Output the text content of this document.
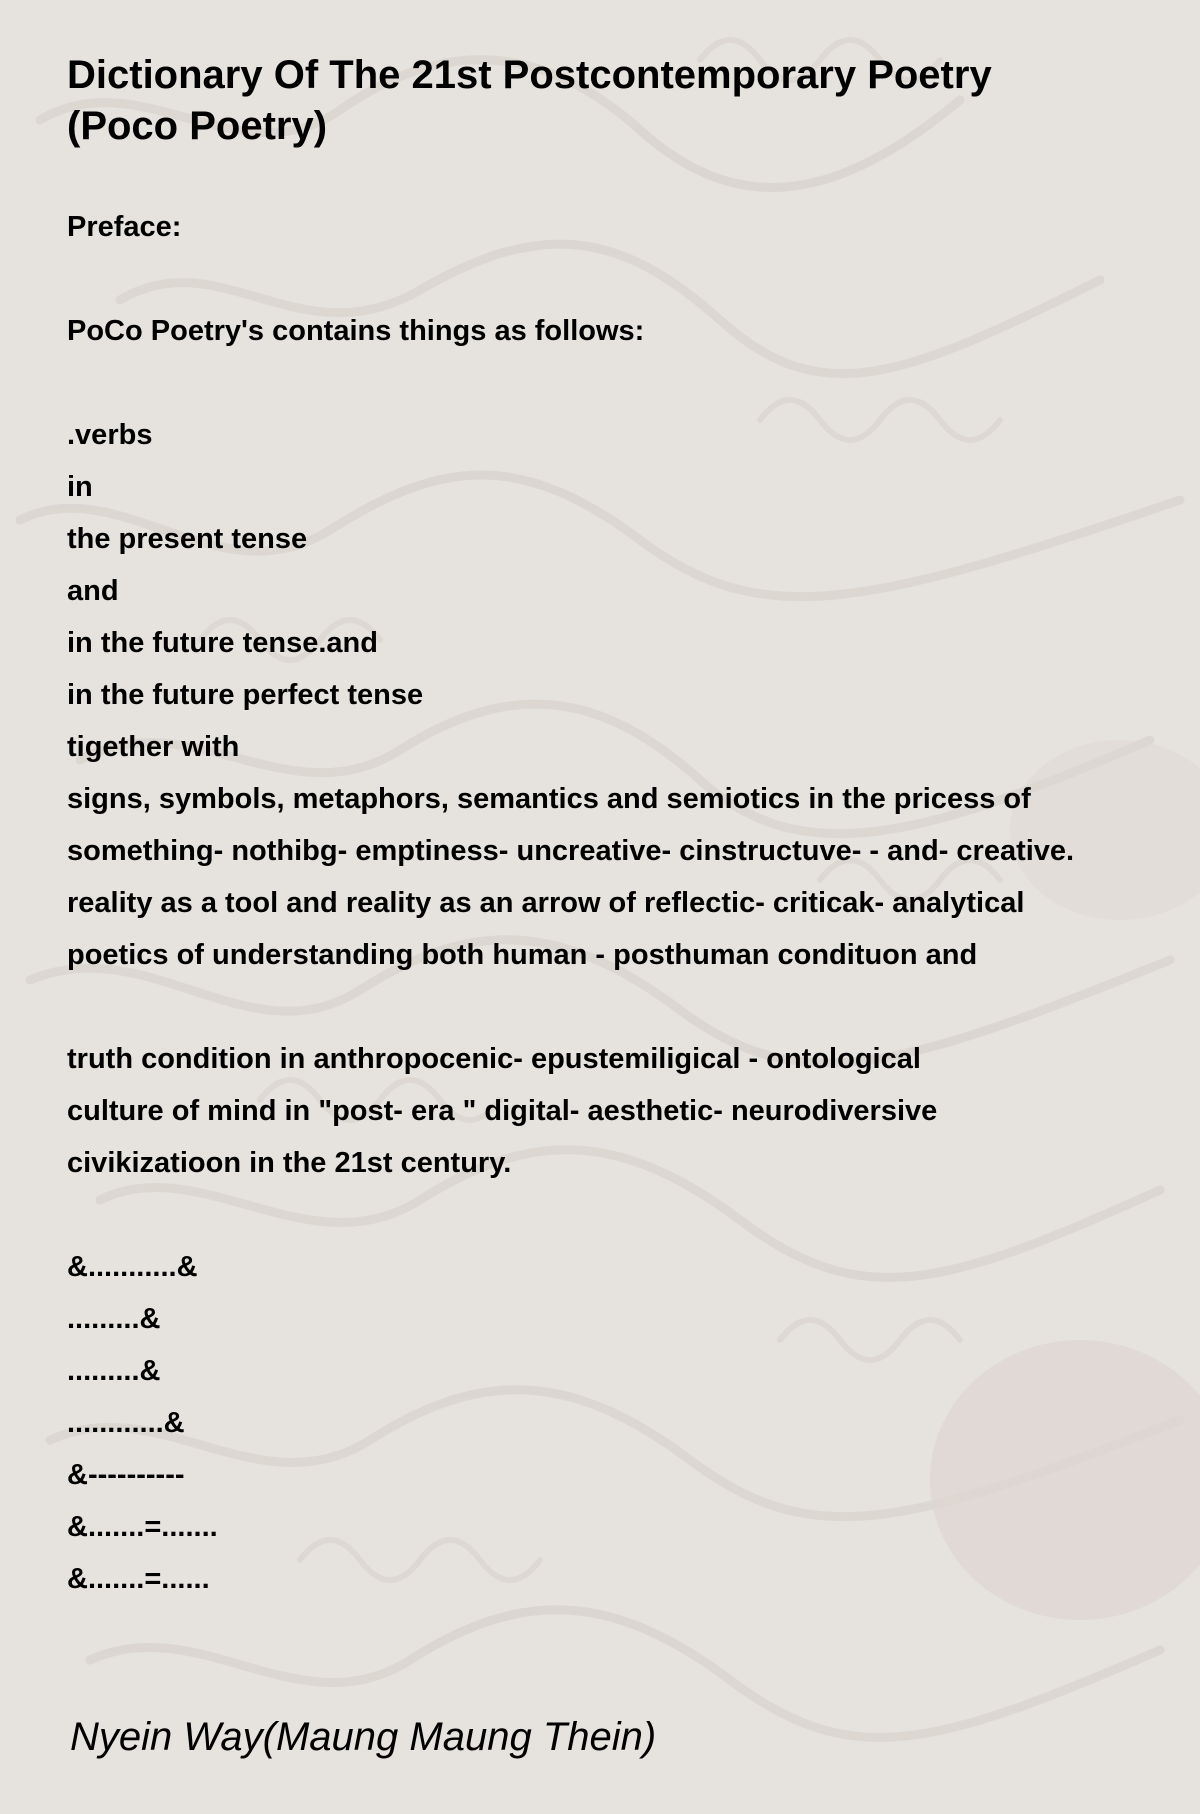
Dictionary Of The 21st Postcontemporary Poetry
(Poco Poetry)
Preface:
PoCo Poetry's contains things as follows:
.verbs
in
the present tense
and
in the future tense.and
in the future perfect tense
tigether with
signs, symbols, metaphors, semantics and semiotics in the pricess of
something- nothibg- emptiness- uncreative- cinstructuve- - and- creative.
reality as a tool and reality as an arrow of reflectic- criticak- analytical
poetics of understanding both human - posthuman condituon and
truth condition in anthropocenic- epustemiligical - ontological
culture of mind in "post- era " digital- aesthetic- neurodiversive
civikizatioon in the 21st century.
&...........&
.........&
.........&
............&
&----------
&.......=.......
&.......=......

Nyein Way(Maung Maung Thein)
